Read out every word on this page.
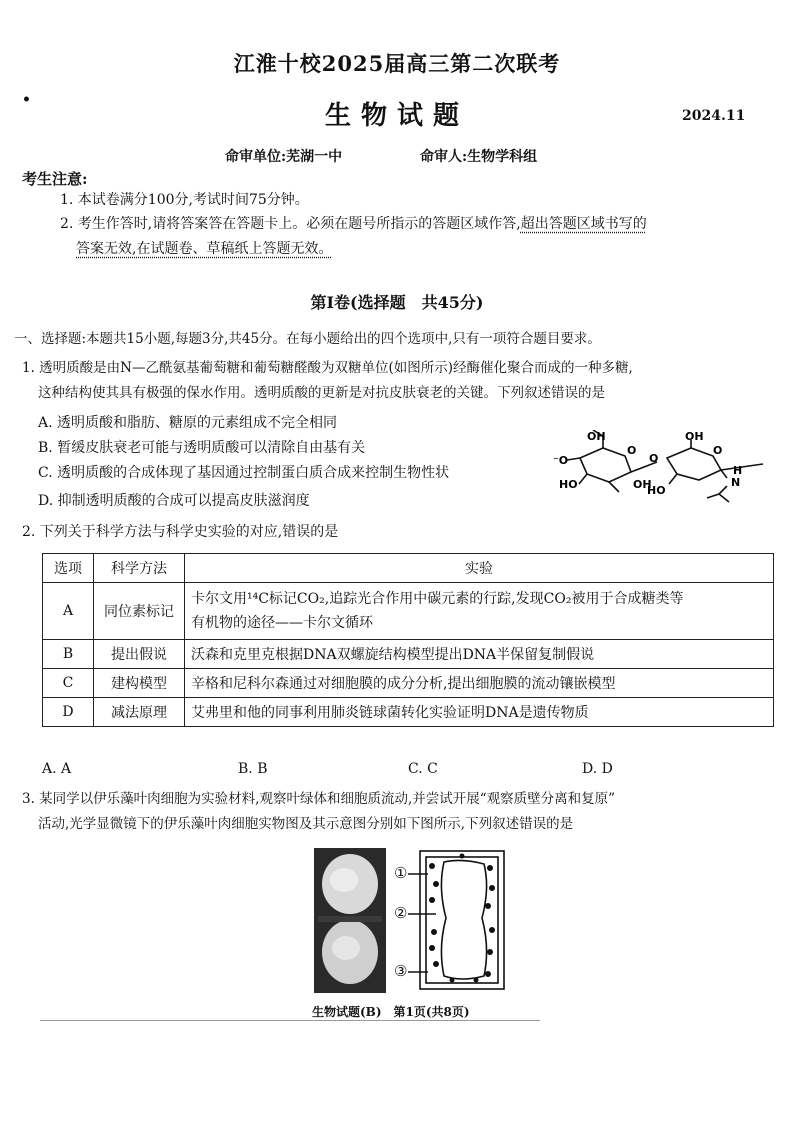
•
江淮十校2025届高三第二次联考
生物试题	2024.11
命审单位:芜湖一中	命审人:生物学科组
考生注意:
1. 本试卷满分100分,考试时间75分钟。
2. 考生作答时,请将答案答在答题卡上。必须在题号所指示的答题区域作答,超出答题区域书写的
答案无效,在试题卷、草稿纸上答题无效。
第Ⅰ卷(选择题　共45分)
一、选择题:本题共15小题,每题3分,共45分。在每小题给出的四个选项中,只有一项符合题目要求。
1. 透明质酸是由N—乙酰氨基葡萄糖和葡萄糖醛酸为双糖单位(如图所示)经酶催化聚合而成的一种多糖,
这种结构使其具有极强的保水作用。透明质酸的更新是对抗皮肤衰老的关键。下列叙述错误的是
A. 透明质酸和脂肪、糖原的元素组成不完全相同
B. 暂缓皮肤衰老可能与透明质酸可以清除自由基有关
C. 透明质酸的合成体现了基因通过控制蛋白质合成来控制生物性状
D. 抑制透明质酸的合成可以提高皮肤滋润度
OH	OH
⁻O
HO	OH
O
HO
N
H
O	O
2. 下列关于科学方法与科学史实验的对应,错误的是
选项	科学方法	实验
A	同位素标记	卡尔文用¹⁴C标记CO₂,追踪光合作用中碳元素的行踪,发现CO₂被用于合成糖类等
有机物的途径——卡尔文循环

B	提出假说	沃森和克里克根据DNA双螺旋结构模型提出DNA半保留复制假说
C	建构模型	辛格和尼科尔森通过对细胞膜的成分分析,提出细胞膜的流动镶嵌模型
D	减法原理	艾弗里和他的同事利用肺炎链球菌转化实验证明DNA是遗传物质
A. A	B. B	C. C	D. D
3. 某同学以伊乐藻叶肉细胞为实验材料,观察叶绿体和细胞质流动,并尝试开展“观察质壁分离和复原”
活动,光学显微镜下的伊乐藻叶肉细胞实物图及其示意图分别如下图所示,下列叙述错误的是
①
②
③
生物试题(B)　第1页(共8页)
